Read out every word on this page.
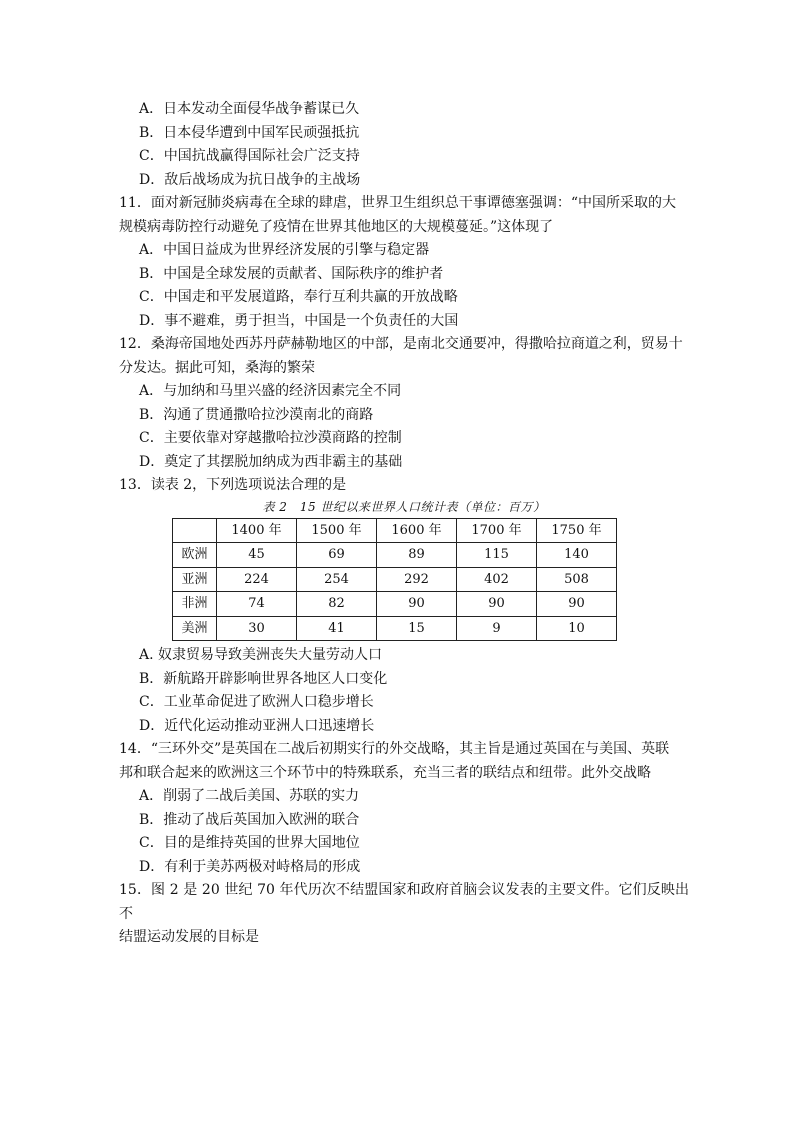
A．日本发动全面侵华战争蓄谋已久
B．日本侵华遭到中国军民顽强抵抗
C．中国抗战赢得国际社会广泛支持
D．敌后战场成为抗日战争的主战场
11．面对新冠肺炎病毒在全球的肆虐，世界卫生组织总干事谭德塞强调：“中国所采取的大
规模病毒防控行动避免了疫情在世界其他地区的大规模蔓延。”这体现了
A．中国日益成为世界经济发展的引擎与稳定器
B．中国是全球发展的贡献者、国际秩序的维护者
C．中国走和平发展道路，奉行互利共赢的开放战略
D．事不避难，勇于担当，中国是一个负责任的大国
12．桑海帝国地处西苏丹萨赫勒地区的中部，是南北交通要冲，得撒哈拉商道之利，贸易十
分发达。据此可知，桑海的繁荣
A．与加纳和马里兴盛的经济因素完全不同
B．沟通了贯通撒哈拉沙漠南北的商路
C．主要依靠对穿越撒哈拉沙漠商路的控制
D．奠定了其摆脱加纳成为西非霸主的基础
13．读表 2，下列选项说法合理的是
表 2　15 世纪以来世界人口统计表（单位：百万）
	1400 年	1500 年	1600 年	1700 年	1750 年
欧洲	45	69	89	115	140
亚洲	224	254	292	402	508
非洲	74	82	90	90	90
美洲	30	41	15	9	10
A. 奴隶贸易导致美洲丧失大量劳动人口
B．新航路开辟影响世界各地区人口变化
C．工业革命促进了欧洲人口稳步增长
D．近代化运动推动亚洲人口迅速增长
14．“三环外交”是英国在二战后初期实行的外交战略，其主旨是通过英国在与美国、英联
邦和联合起来的欧洲这三个环节中的特殊联系，充当三者的联结点和纽带。此外交战略
A．削弱了二战后美国、苏联的实力
B．推动了战后英国加入欧洲的联合
C．目的是维持英国的世界大国地位
D．有利于美苏两极对峙格局的形成
15．图 2 是 20 世纪 70 年代历次不结盟国家和政府首脑会议发表的主要文件。它们反映出不
结盟运动发展的目标是
